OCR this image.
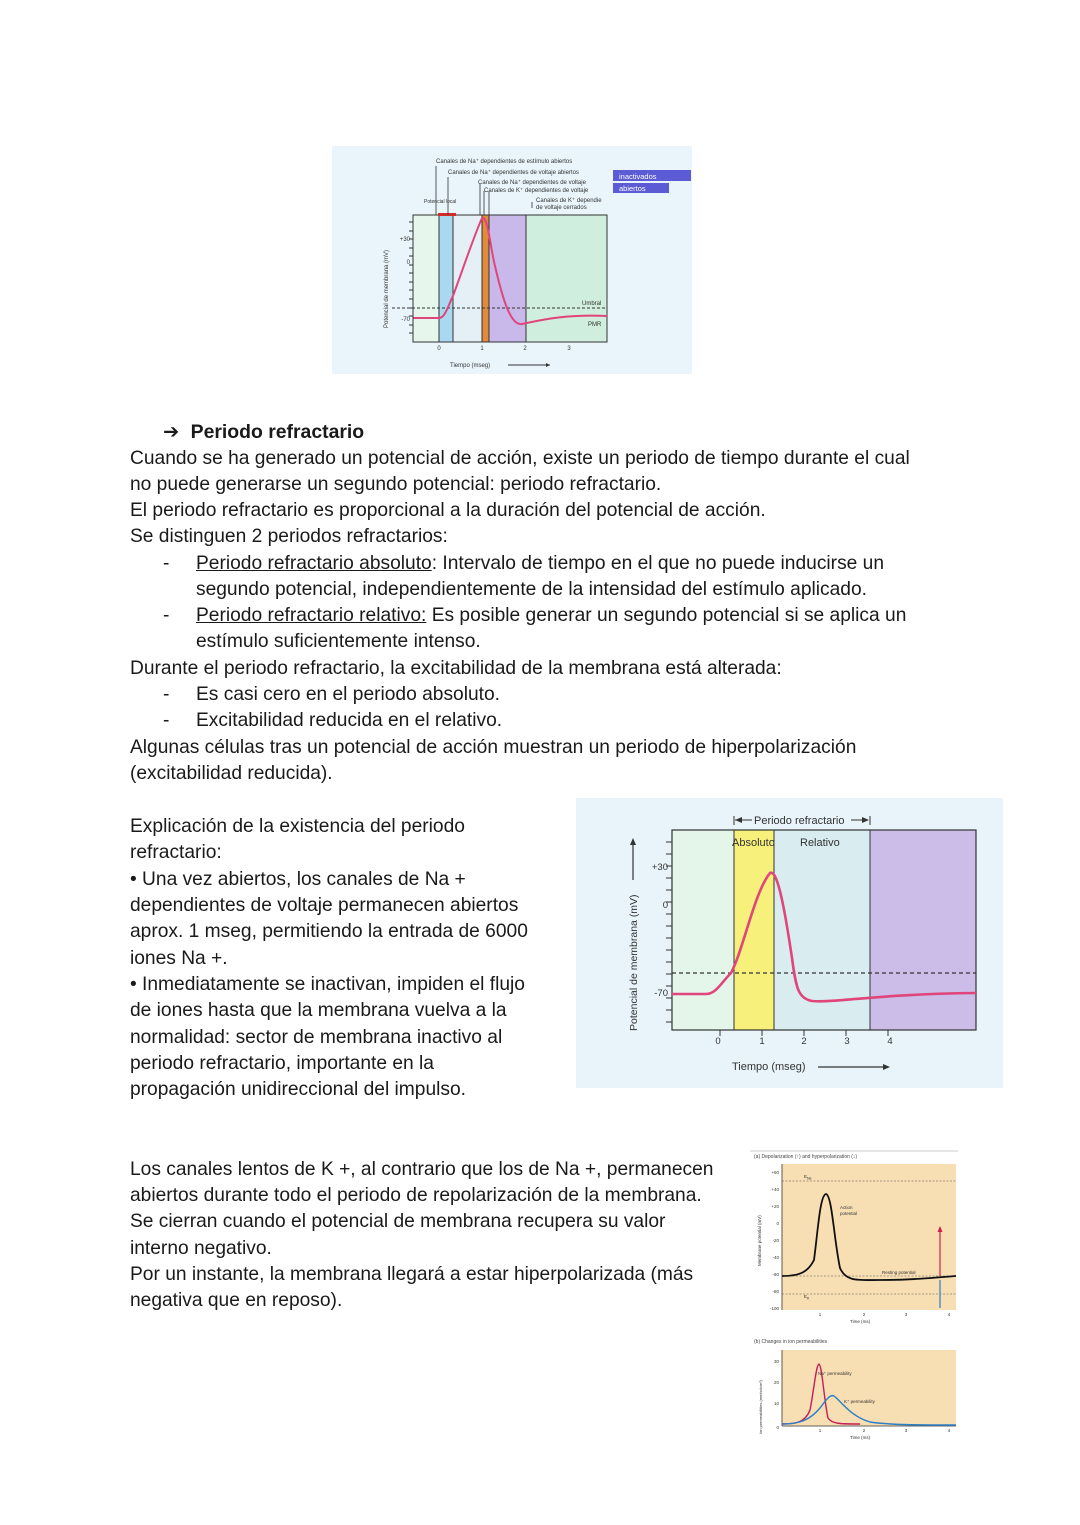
+30
0
-70
Potencial de membrana (mV)
0	1	2	3
Tiempo (mseg)
Umbral
PMR
Potencial local
Canales de Na⁺ dependientes de estímulo abiertos
Canales de Na⁺ dependientes de voltaje abiertos
Canales de Na⁺ dependientes de voltaje
Canales de K⁺ dependientes de voltaje
Canales de K⁺ dependie
de voltaje cerrados
inactivados
abiertos
➔ Periodo refractario
Cuando se ha generado un potencial de acción, existe un periodo de tiempo durante el cual
no puede generarse un segundo potencial: periodo refractario.
El periodo refractario es proporcional a la duración del potencial de acción.
Se distinguen 2 periodos refractarios:
- Periodo refractario absoluto: Intervalo de tiempo en el que no puede inducirse un
segundo potencial, independientemente de la intensidad del estímulo aplicado.
- Periodo refractario relativo: Es posible generar un segundo potencial si se aplica un
estímulo suficientemente intenso.
Durante el periodo refractario, la excitabilidad de la membrana está alterada:
- Es casi cero en el periodo absoluto.
- Excitabilidad reducida en el relativo.
Algunas células tras un potencial de acción muestran un periodo de hiperpolarización
(excitabilidad reducida).
Explicación de la existencia del periodo
refractario:
• Una vez abiertos, los canales de Na +
dependientes de voltaje permanecen abiertos
aprox. 1 mseg, permitiendo la entrada de 6000
iones Na +.
• Inmediatamente se inactivan, impiden el flujo
de iones hasta que la membrana vuelva a la
normalidad: sector de membrana inactivo al
periodo refractario, importante en la
propagación unidireccional del impulso.
+30
0
-70
Potencial de membrana (mV)
0	1	2	3	4
Tiempo (mseg)
Periodo refractario
Absoluto Relativo
Los canales lentos de K +, al contrario que los de Na +, permanecen
abiertos durante todo el periodo de repolarización de la membrana.
Se cierran cuando el potencial de membrana recupera su valor
interno negativo.
Por un instante, la membrana llegará a estar hiperpolarizada (más
negativa que en reposo).
(a) Depolarization (↑) and hyperpolarization (↓)
+60
+40
+20
0
-20
-40
-60
-80
-100
Membrane potential (mV)
$E_{Na}$
$E_K$
Action
potential
Resting potential
1	2	3	4
Time (ms)
(b) Changes in ion permeabilities
30
20
10
0
Ion permeabilities (mmho/cm²)
Na⁺ permeability
K⁺ permeability
1	2	3	4
Time (ms)
